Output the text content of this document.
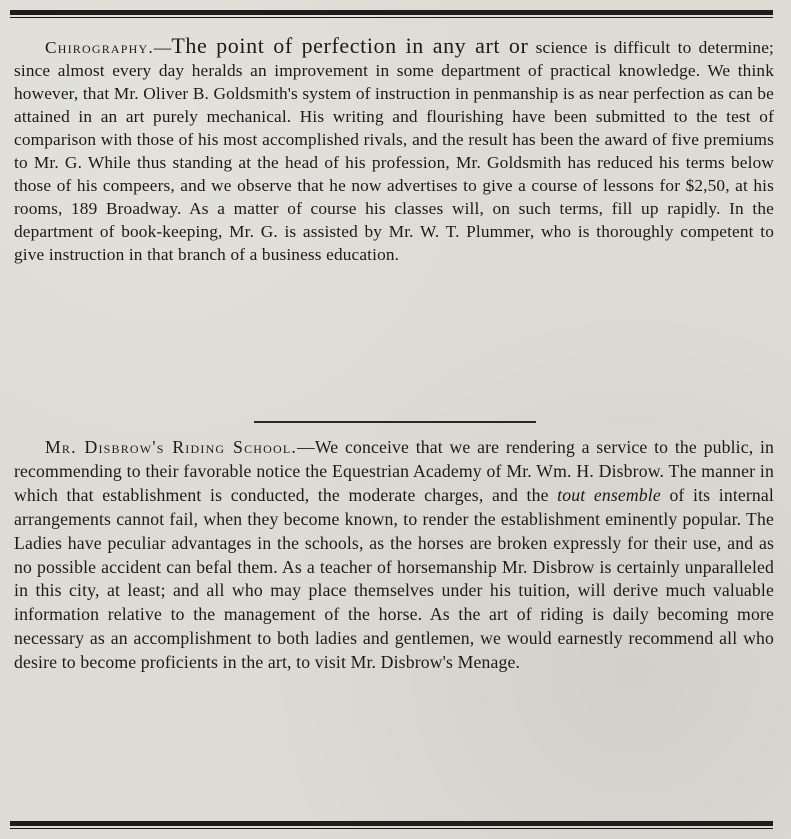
Chirography.—The point of perfection in any art or science is difficult to determine; since almost every day heralds an improvement in some department of practical knowledge. We think however, that Mr. Oliver B. Goldsmith's system of instruction in penmanship is as near perfection as can be attained in an art purely mechanical. His writing and flourishing have been submitted to the test of comparison with those of his most accomplished rivals, and the result has been the award of five premiums to Mr. G. While thus standing at the head of his profession, Mr. Goldsmith has reduced his terms below those of his compeers, and we observe that he now advertises to give a course of lessons for $2,50, at his rooms, 189 Broadway. As a matter of course his classes will, on such terms, fill up rapidly. In the department of book-keeping, Mr. G. is assisted by Mr. W. T. Plummer, who is thoroughly competent to give instruction in that branch of a business education.
Mr. Disbrow's Riding School.—We conceive that we are rendering a service to the public, in recommending to their favorable notice the Equestrian Academy of Mr. Wm. H. Disbrow. The manner in which that establishment is conducted, the moderate charges, and the tout ensemble of its internal arrangements cannot fail, when they become known, to render the establishment eminently popular. The Ladies have peculiar advantages in the schools, as the horses are broken expressly for their use, and as no possible accident can befal them. As a teacher of horsemanship Mr. Disbrow is certainly unparalleled in this city, at least; and all who may place themselves under his tuition, will derive much valuable information relative to the management of the horse. As the art of riding is daily becoming more necessary as an accomplishment to both ladies and gentlemen, we would earnestly recommend all who desire to become proficients in the art, to visit Mr. Disbrow's Menage.
